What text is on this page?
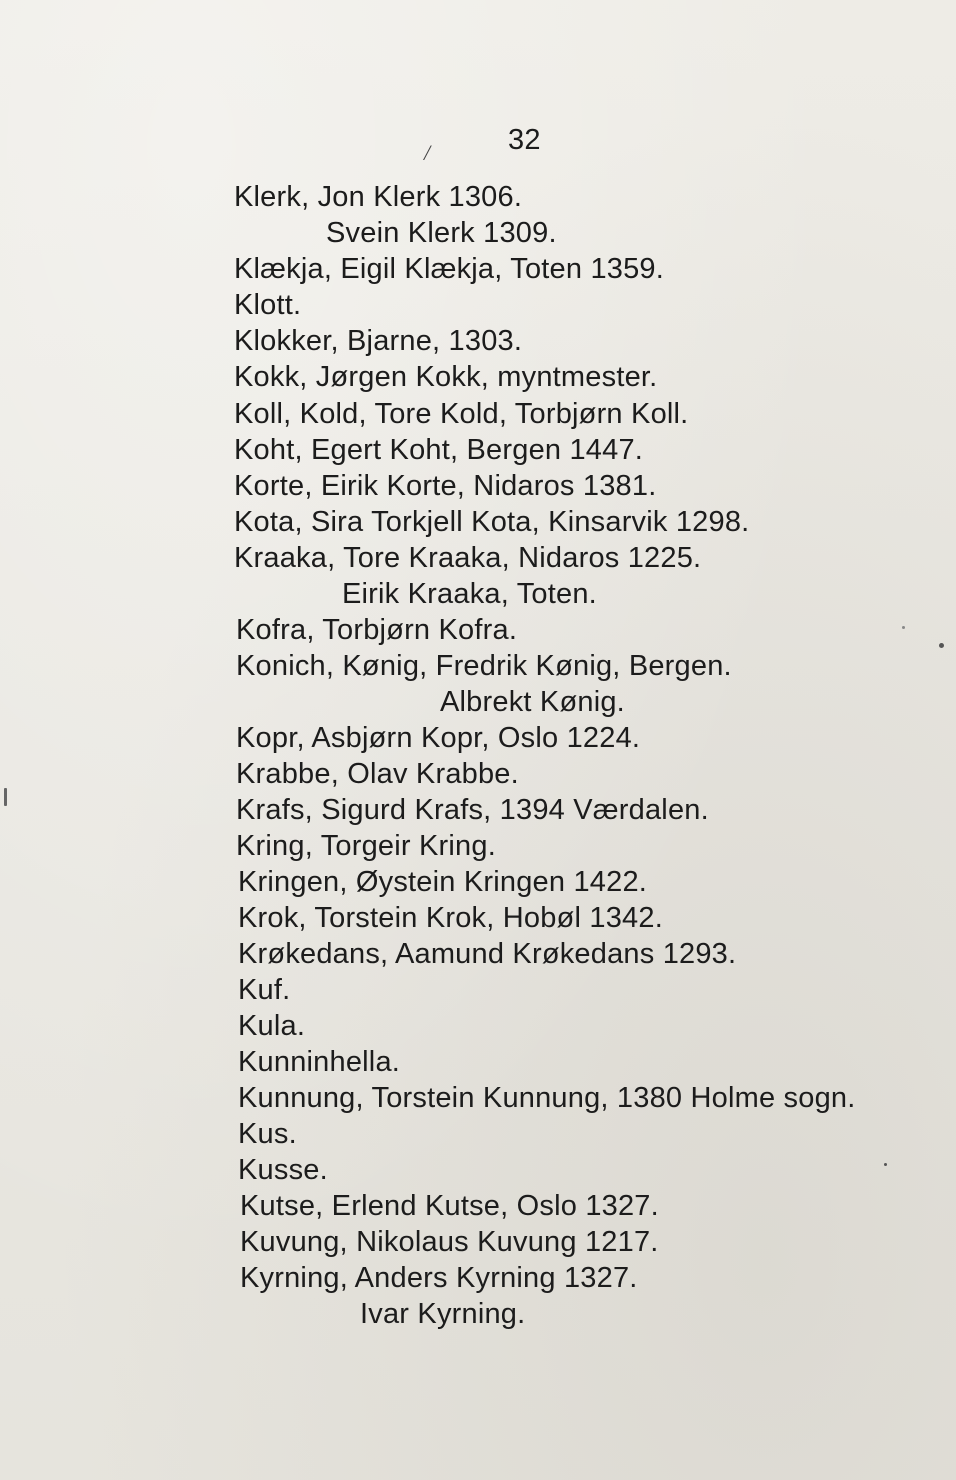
/	32
Klerk, Jon Klerk 1306.
Svein Klerk 1309.
Klækja, Eigil Klækja, Toten 1359.
Klott.
Klokker, Bjarne, 1303.
Kokk, Jørgen Kokk, myntmester.
Koll, Kold, Tore Kold, Torbjørn Koll.
Koht, Egert Koht, Bergen 1447.
Korte, Eirik Korte, Nidaros 1381.
Kota, Sira Torkjell Kota, Kinsarvik 1298.
Kraaka, Tore Kraaka, Nidaros 1225.
Eirik Kraaka, Toten.
Kofra, Torbjørn Kofra.
Konich, Kønig, Fredrik Kønig, Bergen.
Albrekt Kønig.
Kopr, Asbjørn Kopr, Oslo 1224.
Krabbe, Olav Krabbe.
Krafs, Sigurd Krafs, 1394 Værdalen.
Kring, Torgeir Kring.
Kringen, Øystein Kringen 1422.
Krok, Torstein Krok, Hobøl 1342.
Krøkedans, Aamund Krøkedans 1293.
Kuf.
Kula.
Kunninhella.
Kunnung, Torstein Kunnung, 1380 Holme sogn.
Kus.
Kusse.
Kutse, Erlend Kutse, Oslo 1327.
Kuvung, Nikolaus Kuvung 1217.
Kyrning, Anders Kyrning 1327.
Ivar Kyrning.
